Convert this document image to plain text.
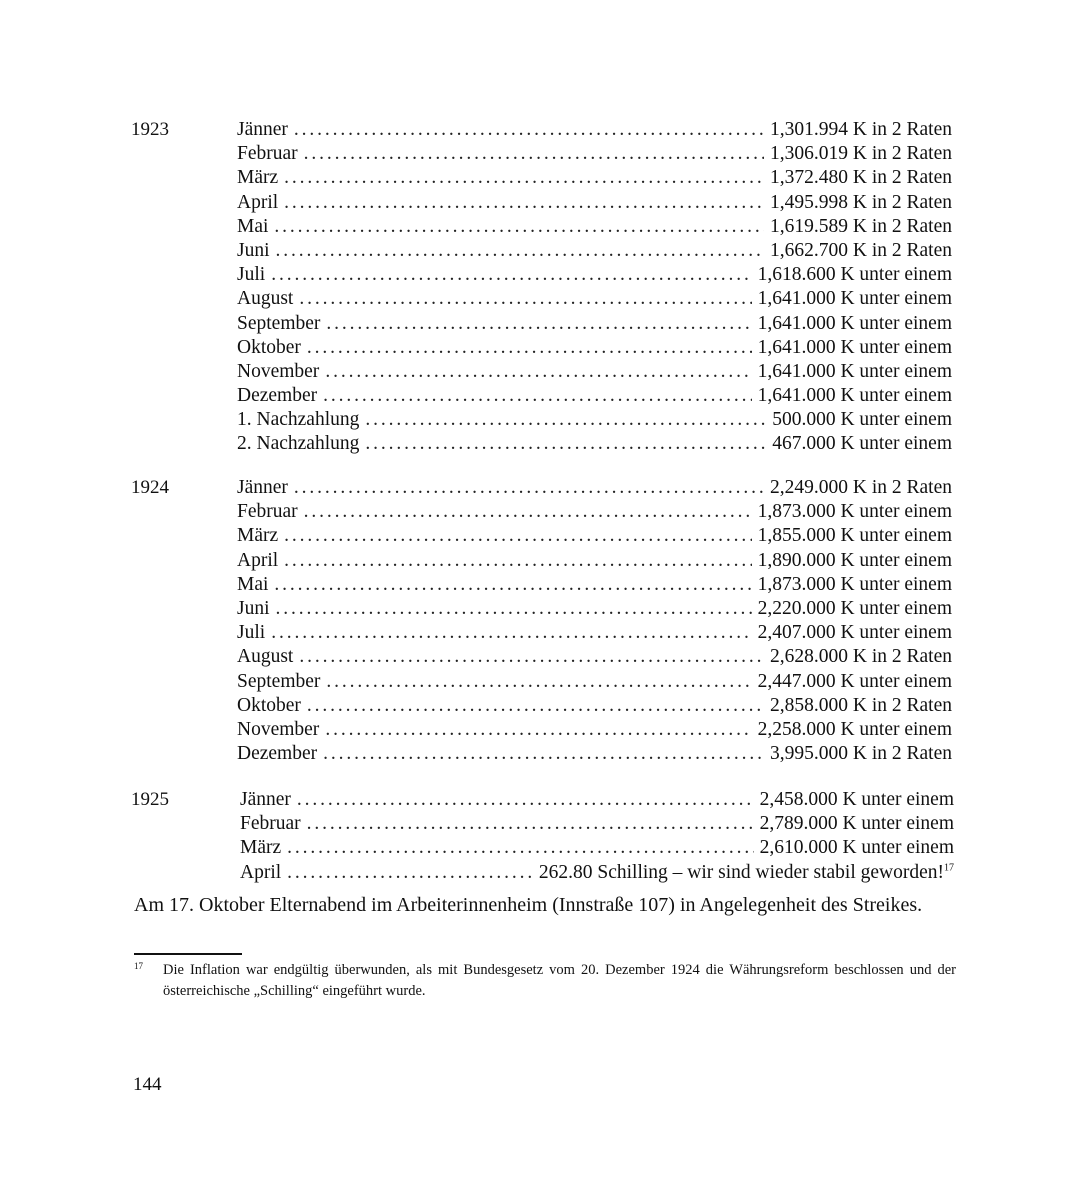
1923	Jänner . . .	1,301.994 K in 2 Raten
Februar . . .	1,306.019 K in 2 Raten
März . . .	1,372.480 K in 2 Raten
April . . .	1,495.998 K in 2 Raten
Mai . . .	1,619.589 K in 2 Raten
Juni . . .	1,662.700 K in 2 Raten
Juli . . .	1,618.600 K unter einem
August . . .	1,641.000 K unter einem
September . . .	1,641.000 K unter einem
Oktober . . .	1,641.000 K unter einem
November . . .	1,641.000 K unter einem
Dezember . . .	1,641.000 K unter einem
1. Nachzahlung . . .	500.000 K unter einem
2. Nachzahlung . . .	467.000 K unter einem
1924	Jänner . . .	2,249.000 K in 2 Raten
Februar . . .	1,873.000 K unter einem
März . . .	1,855.000 K unter einem
April . . .	1,890.000 K unter einem
Mai . . .	1,873.000 K unter einem
Juni . . .	2,220.000 K unter einem
Juli . . .	2,407.000 K unter einem
August . . .	2,628.000 K in 2 Raten
September . . .	2,447.000 K unter einem
Oktober . . .	2,858.000 K in 2 Raten
November . . .	2,258.000 K unter einem
Dezember . . .	3,995.000 K in 2 Raten
1925	Jänner . . .	2,458.000 K unter einem
Februar . . .	2,789.000 K unter einem
März . . .	2,610.000 K unter einem
April . . .	262.80 Schilling – wir sind wieder stabil geworden!$^{17}$
Am 17. Oktober Elternabend im Arbeiterinnenheim (Innstraße 107) in Angelegenheit des Streikes.
17 Die Inflation war endgültig überwunden, als mit Bundesgesetz vom 20. Dezember 1924 die Währungsreform beschlossen und der österreichische „Schilling“ eingeführt wurde.
144
